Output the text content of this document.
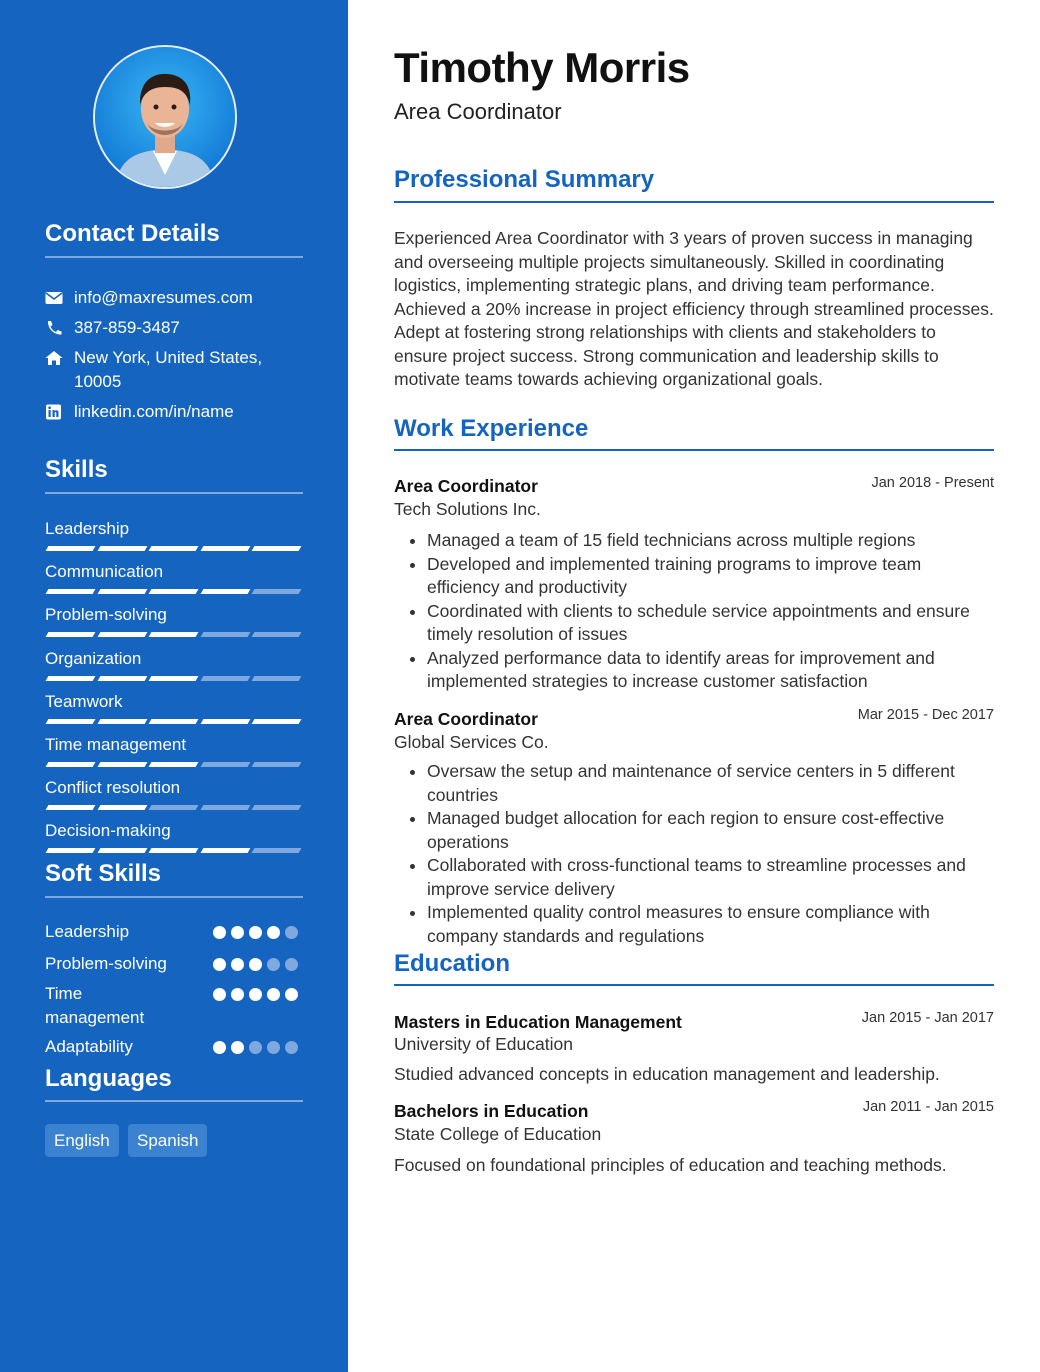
Contact Details
info@maxresumes.com
387-859-3487
New York, United States,
10005
linkedin.com/in/name
Skills
Leadership
Communication
Problem-solving
Organization
Teamwork
Time management
Conflict resolution
Decision-making
Soft Skills
Leadership
Problem-solving
Time
management
Adaptability
Languages
English	Spanish
Timothy Morris
Area Coordinator
Professional Summary
Experienced Area Coordinator with 3 years of proven success in managing and overseeing multiple projects simultaneously. Skilled in coordinating logistics, implementing strategic plans, and driving team performance. Achieved a 20% increase in project efficiency through streamlined processes. Adept at fostering strong relationships with clients and stakeholders to ensure project success. Strong communication and leadership skills to motivate teams towards achieving organizational goals.
Work Experience
Area Coordinator	Jan 2018 - Present
Tech Solutions Inc.
• Managed a team of 15 field technicians across multiple regions
• Developed and implemented training programs to improve team efficiency and productivity
• Coordinated with clients to schedule service appointments and ensure timely resolution of issues
• Analyzed performance data to identify areas for improvement and implemented strategies to increase customer satisfaction
Area Coordinator	Mar 2015 - Dec 2017
Global Services Co.
• Oversaw the setup and maintenance of service centers in 5 different countries
• Managed budget allocation for each region to ensure cost-effective operations
• Collaborated with cross-functional teams to streamline processes and improve service delivery
• Implemented quality control measures to ensure compliance with company standards and regulations
Education
Masters in Education Management	Jan 2015 - Jan 2017
University of Education
Studied advanced concepts in education management and leadership.
Bachelors in Education	Jan 2011 - Jan 2015
State College of Education
Focused on foundational principles of education and teaching methods.
